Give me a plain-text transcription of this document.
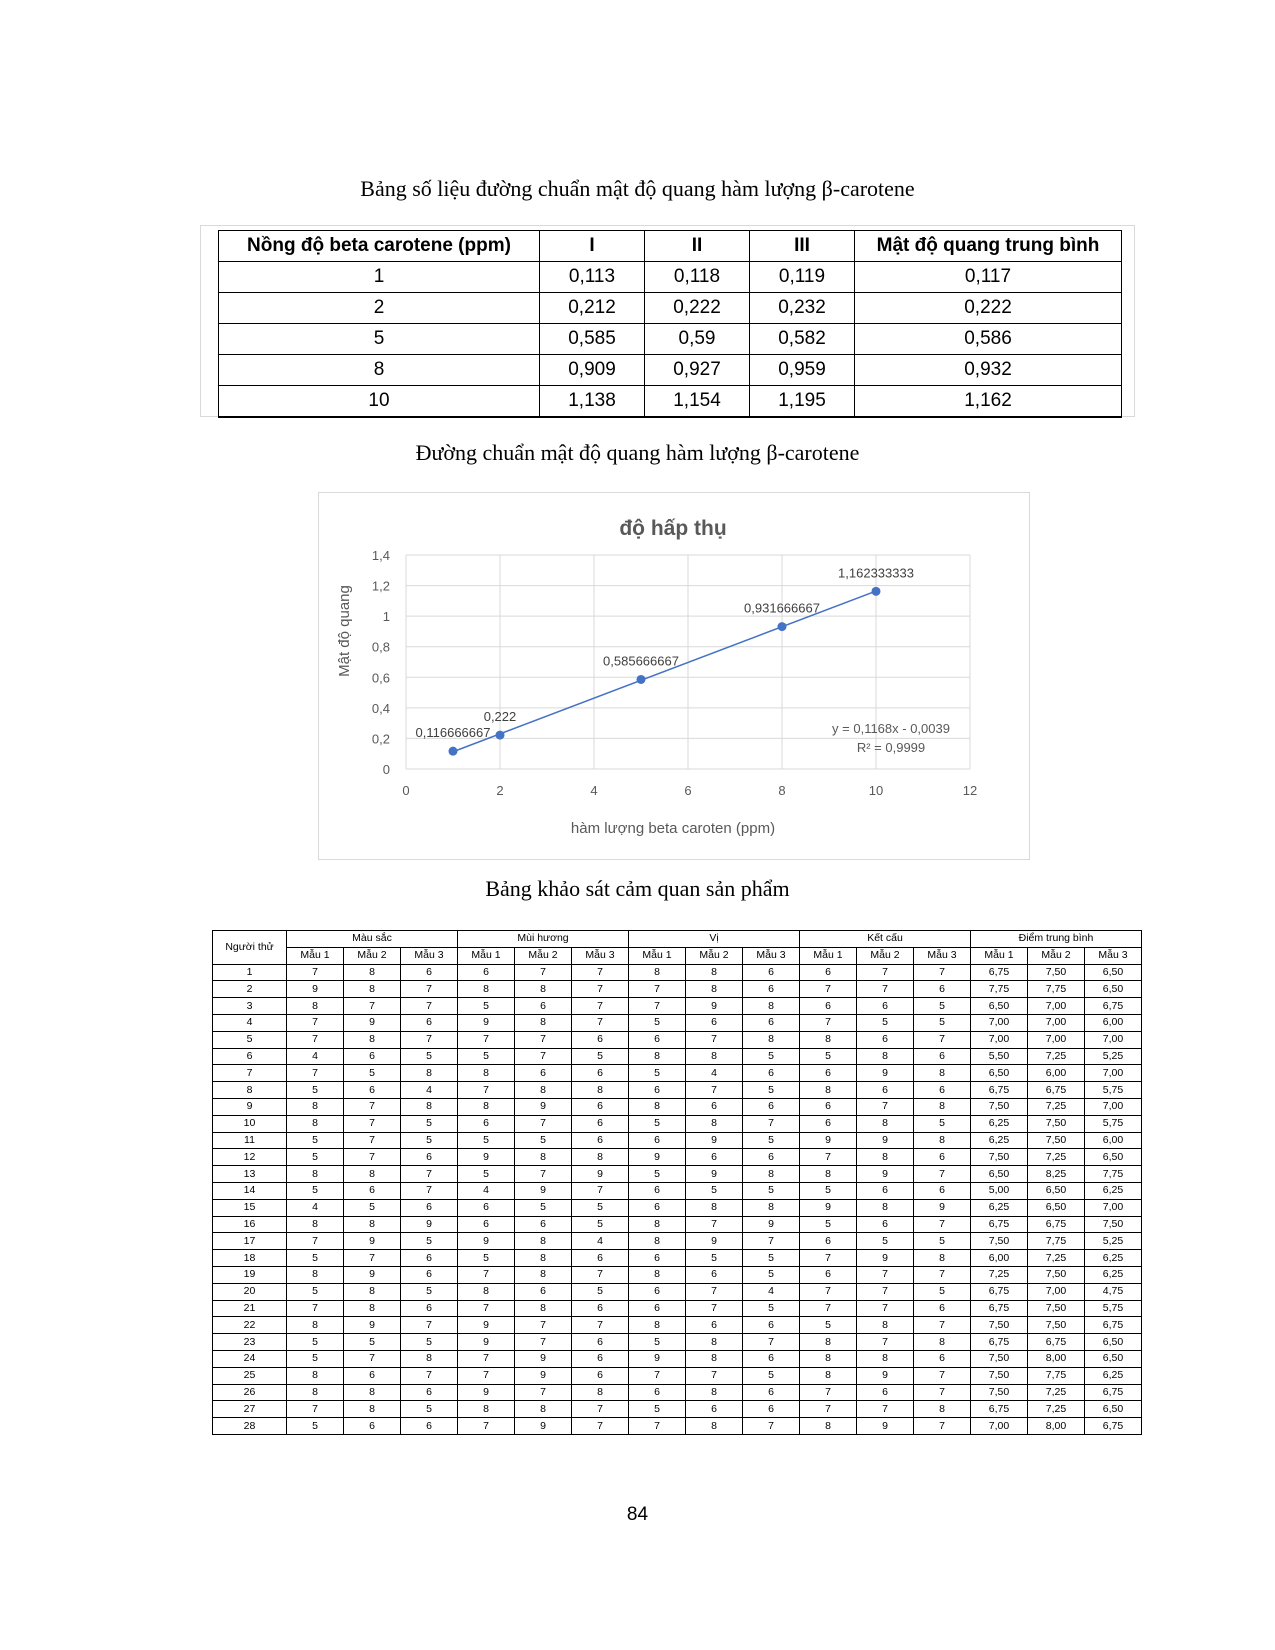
Bảng số liệu đường chuẩn mật độ quang hàm lượng β-carotene
Nồng độ beta carotene (ppm)	I	II	III	Mật độ quang trung bình
1	0,113	0,118	0,119	0,117
2	0,212	0,222	0,232	0,222
5	0,585	0,59	0,582	0,586
8	0,909	0,927	0,959	0,932
10	1,138	1,154	1,195	1,162
Đường chuẩn mật độ quang hàm lượng β-carotene
độ hấp thụ
0	2	4	6	8	10	12
0
0,2
0,4
0,6
0,8
1
1,2
1,4
0,116666667
0,222
0,585666667
0,931666667
1,162333333
Mật độ quang
hàm lượng beta caroten (ppm)
y = 0,1168x - 0,0039
R² = 0,9999
Bảng khảo sát cảm quan sản phẩm
Người thử	Màu sắc			Mùi hương			Vị			Kết cấu			Điểm trung bình		
	Mẫu 1	Mẫu 2	Mẫu 3	Mẫu 1	Mẫu 2	Mẫu 3	Mẫu 1	Mẫu 2	Mẫu 3	Mẫu 1	Mẫu 2	Mẫu 3	Mẫu 1	Mẫu 2	Mẫu 3
1	7	8	6	6	7	7	8	8	6	6	7	7	6,75	7,50	6,50
2	9	8	7	8	8	7	7	8	6	7	7	6	7,75	7,75	6,50
3	8	7	7	5	6	7	7	9	8	6	6	5	6,50	7,00	6,75
4	7	9	6	9	8	7	5	6	6	7	5	5	7,00	7,00	6,00
5	7	8	7	7	7	6	6	7	8	8	6	7	7,00	7,00	7,00
6	4	6	5	5	7	5	8	8	5	5	8	6	5,50	7,25	5,25
7	7	5	8	8	6	6	5	4	6	6	9	8	6,50	6,00	7,00
8	5	6	4	7	8	8	6	7	5	8	6	6	6,75	6,75	5,75
9	8	7	8	8	9	6	8	6	6	6	7	8	7,50	7,25	7,00
10	8	7	5	6	7	6	5	8	7	6	8	5	6,25	7,50	5,75
11	5	7	5	5	5	6	6	9	5	9	9	8	6,25	7,50	6,00
12	5	7	6	9	8	8	9	6	6	7	8	6	7,50	7,25	6,50
13	8	8	7	5	7	9	5	9	8	8	9	7	6,50	8,25	7,75
14	5	6	7	4	9	7	6	5	5	5	6	6	5,00	6,50	6,25
15	4	5	6	6	5	5	6	8	8	9	8	9	6,25	6,50	7,00
16	8	8	9	6	6	5	8	7	9	5	6	7	6,75	6,75	7,50
17	7	9	5	9	8	4	8	9	7	6	5	5	7,50	7,75	5,25
18	5	7	6	5	8	6	6	5	5	7	9	8	6,00	7,25	6,25
19	8	9	6	7	8	7	8	6	5	6	7	7	7,25	7,50	6,25
20	5	8	5	8	6	5	6	7	4	7	7	5	6,75	7,00	4,75
21	7	8	6	7	8	6	6	7	5	7	7	6	6,75	7,50	5,75
22	8	9	7	9	7	7	8	6	6	5	8	7	7,50	7,50	6,75
23	5	5	5	9	7	6	5	8	7	8	7	8	6,75	6,75	6,50
24	5	7	8	7	9	6	9	8	6	8	8	6	7,50	8,00	6,50
25	8	6	7	7	9	6	7	7	5	8	9	7	7,50	7,75	6,25
26	8	8	6	9	7	8	6	8	6	7	6	7	7,50	7,25	6,75
27	7	8	5	8	8	7	5	6	6	7	7	8	6,75	7,25	6,50
28	5	6	6	7	9	7	7	8	7	8	9	7	7,00	8,00	6,75
84
